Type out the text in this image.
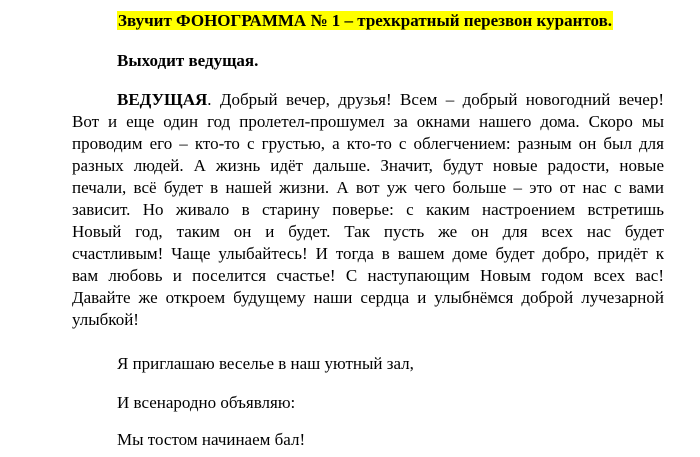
Звучит ФОНОГРАММА № 1 – трехкратный перезвон курантов.
Выходит ведущая.
ВЕДУЩАЯ. Добрый вечер, друзья! Всем – добрый новогодний вечер!
Вот и еще один год пролетел-прошумел за окнами нашего дома. Скоро мы
проводим его – кто-то с грустью, а кто-то с облегчением: разным он был для
разных людей. А жизнь идёт дальше. Значит, будут новые радости, новые
печали, всё будет в нашей жизни. А вот уж чего больше – это от нас с вами
зависит. Но живало в старину поверье: с каким настроением встретишь
Новый год, таким он и будет. Так пусть же он для всех нас будет
счастливым! Чаще улыбайтесь! И тогда в вашем доме будет добро, придёт к
вам любовь и поселится счастье! С наступающим Новым годом всех вас!
Давайте же откроем будущему наши сердца и улыбнёмся доброй лучезарной
улыбкой!
Я приглашаю веселье в наш уютный зал,
И всенародно объявляю:
Мы тостом начинаем бал!
